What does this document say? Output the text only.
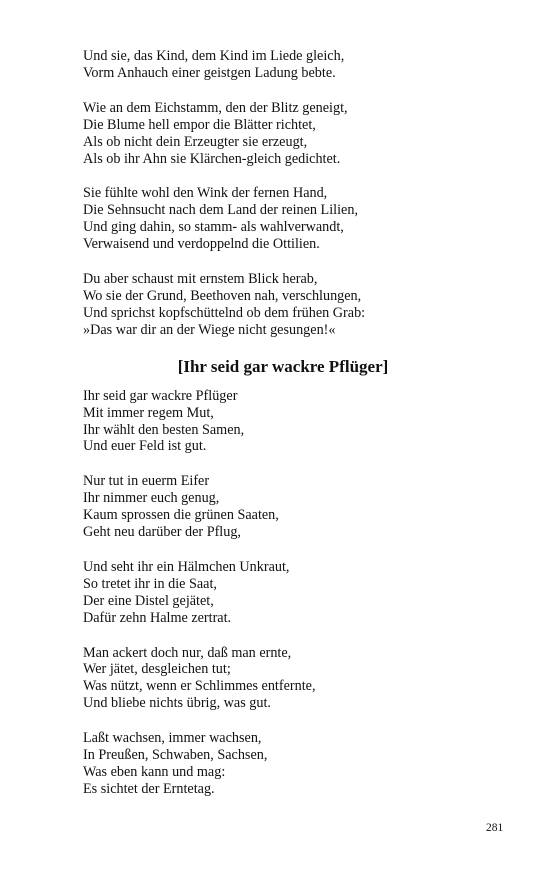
Und sie, das Kind, dem Kind im Liede gleich,
Vorm Anhauch einer geistgen Ladung bebte.
Wie an dem Eichstamm, den der Blitz geneigt,
Die Blume hell empor die Blätter richtet,
Als ob nicht dein Erzeugter sie erzeugt,
Als ob ihr Ahn sie Klärchen-gleich gedichtet.
Sie fühlte wohl den Wink der fernen Hand,
Die Sehnsucht nach dem Land der reinen Lilien,
Und ging dahin, so stamm- als wahlverwandt,
Verwaisend und verdoppelnd die Ottilien.
Du aber schaust mit ernstem Blick herab,
Wo sie der Grund, Beethoven nah, verschlungen,
Und sprichst kopfschüttelnd ob dem frühen Grab:
»Das war dir an der Wiege nicht gesungen!«
[Ihr seid gar wackre Pflüger]
Ihr seid gar wackre Pflüger
Mit immer regem Mut,
Ihr wählt den besten Samen,
Und euer Feld ist gut.
Nur tut in euerm Eifer
Ihr nimmer euch genug,
Kaum sprossen die grünen Saaten,
Geht neu darüber der Pflug,
Und seht ihr ein Hälmchen Unkraut,
So tretet ihr in die Saat,
Der eine Distel gejätet,
Dafür zehn Halme zertrat.
Man ackert doch nur, daß man ernte,
Wer jätet, desgleichen tut;
Was nützt, wenn er Schlimmes entfernte,
Und bliebe nichts übrig, was gut.
Laßt wachsen, immer wachsen,
In Preußen, Schwaben, Sachsen,
Was eben kann und mag:
Es sichtet der Erntetag.
281
